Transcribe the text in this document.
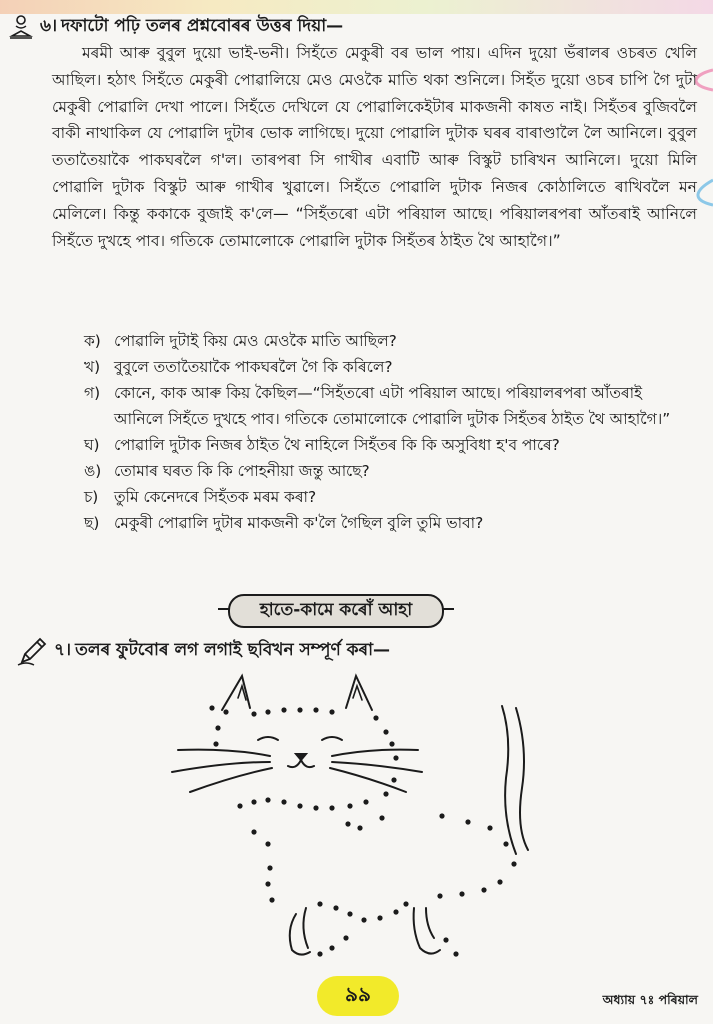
৬। দফাটো পঢ়ি তলৰ প্ৰশ্নবোৰৰ উত্তৰ দিয়া—

মৰমী আৰু বুবুল দুয়ো ভাই-ভনী। সিহঁতে মেকুৰী বৰ ভাল পায়। এদিন দুয়ো ভঁৰালৰ ওচৰত খেলি আছিল। হঠাৎ সিহঁতে মেকুৰী পোৱালিয়ে মেও মেওকৈ মাতি থকা শুনিলে। সিহঁত দুয়ো ওচৰ চাপি গৈ দুটা মেকুৰী পোৱালি দেখা পালে। সিহঁতে দেখিলে যে পোৱালিকেইটাৰ মাকজনী কাষত নাই। সিহঁতৰ বুজিবলৈ বাকী নাথাকিল যে পোৱালি দুটাৰ ভোক লাগিছে। দুয়ো পোৱালি দুটাক ঘৰৰ বাৰাণ্ডালৈ লৈ আনিলে। বুবুল ততাতৈয়াকৈ পাকঘৰলৈ গ'ল। তাৰপৰা সি গাখীৰ এবাটি আৰু বিস্কুট চাৰিখন আনিলে। দুয়ো মিলি পোৱালি দুটাক বিস্কুট আৰু গাখীৰ খুৱালে। সিহঁতে পোৱালি দুটাক নিজৰ কোঠালিতে ৰাখিবলৈ মন মেলিলে। কিন্তু ককাকে বুজাই ক'লে— “সিহঁতৰো এটা পৰিয়াল আছে। পৰিয়ালৰপৰা আঁতৰাই আনিলে সিহঁতে দুখহে পাব। গতিকে তোমালোকে পোৱালি দুটাক সিহঁতৰ ঠাইত থৈ আহাগৈ।”

ক) পোৱালি দুটাই কিয় মেও মেওকৈ মাতি আছিল?
খ) বুবুলে ততাতৈয়াকৈ পাকঘৰলৈ গৈ কি কৰিলে?
গ) কোনে, কাক আৰু কিয় কৈছিল—“সিহঁতৰো এটা পৰিয়াল আছে। পৰিয়ালৰপৰা আঁতৰাই আনিলে সিহঁতে দুখহে পাব। গতিকে তোমালোকে পোৱালি দুটাক সিহঁতৰ ঠাইত থৈ আহাগৈ।”
ঘ) পোৱালি দুটাক নিজৰ ঠাইত থৈ নাহিলে সিহঁতৰ কি কি অসুবিধা হ'ব পাৰে?
ঙ) তোমাৰ ঘৰত কি কি পোহনীয়া জন্তু আছে?
চ)	তুমি কেনেদৰে সিহঁতক মৰম কৰা?
ছ) মেকুৰী পোৱালি দুটাৰ মাকজনী ক'লৈ গৈছিল বুলি তুমি ভাবা?
হাতে-কামে কৰোঁ আহা
৭। তলৰ ফুটবোৰ লগ লগাই ছবিখন সম্পূৰ্ণ কৰা—
৯৯	অধ্যায় ৭ঃ পৰিয়াল
